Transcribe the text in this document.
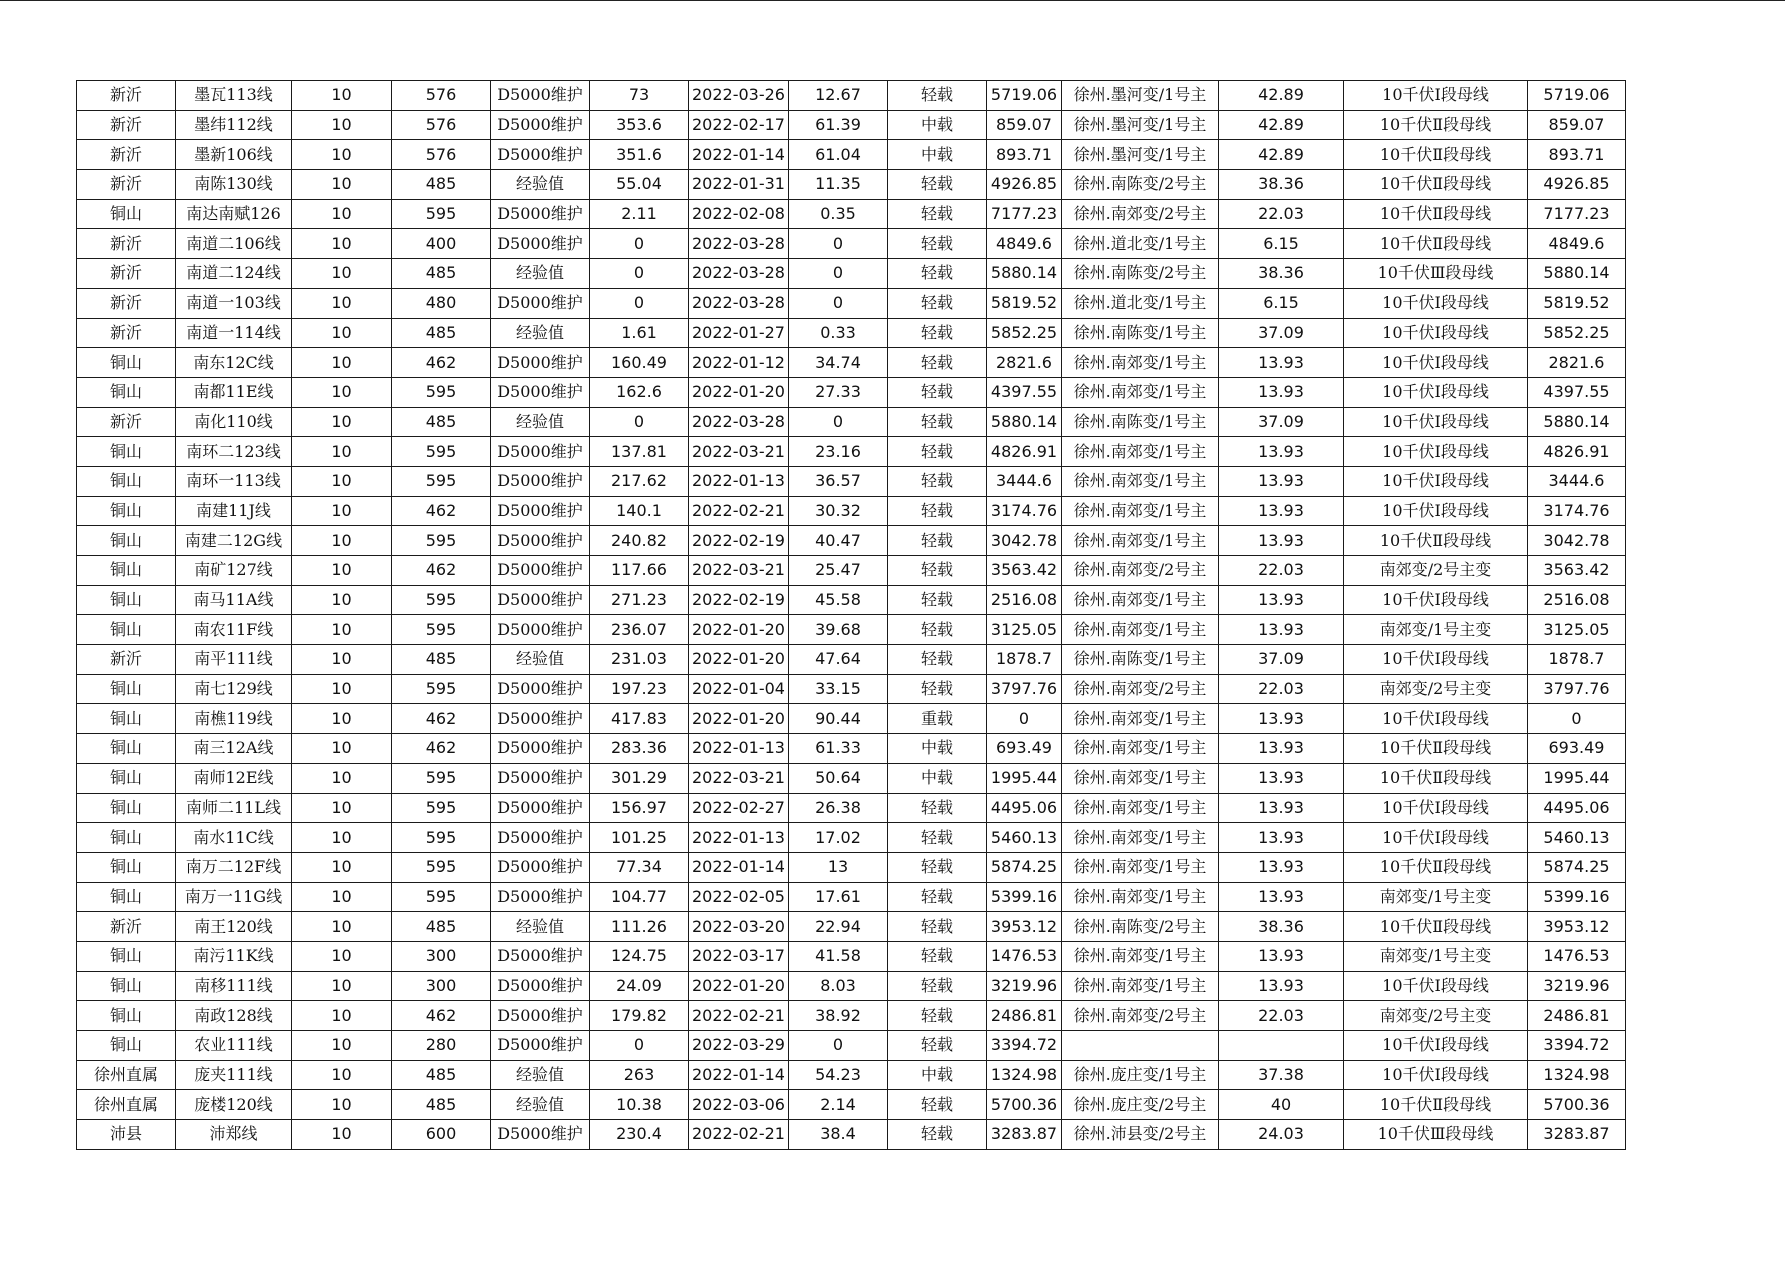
新沂	墨瓦113线	10	576	D5000维护	73	2022-03-26	12.67	轻载	5719.06	徐州.墨河变/1号主	42.89	10千伏Ⅰ段母线	5719.06
新沂	墨纬112线	10	576	D5000维护	353.6	2022-02-17	61.39	中载	859.07	徐州.墨河变/1号主	42.89	10千伏Ⅱ段母线	859.07
新沂	墨新106线	10	576	D5000维护	351.6	2022-01-14	61.04	中载	893.71	徐州.墨河变/1号主	42.89	10千伏Ⅱ段母线	893.71
新沂	南陈130线	10	485	经验值	55.04	2022-01-31	11.35	轻载	4926.85	徐州.南陈变/2号主	38.36	10千伏Ⅱ段母线	4926.85
铜山	南达南赋126	10	595	D5000维护	2.11	2022-02-08	0.35	轻载	7177.23	徐州.南郊变/2号主	22.03	10千伏Ⅱ段母线	7177.23
新沂	南道二106线	10	400	D5000维护	0	2022-03-28	0	轻载	4849.6	徐州.道北变/1号主	6.15	10千伏Ⅱ段母线	4849.6
新沂	南道二124线	10	485	经验值	0	2022-03-28	0	轻载	5880.14	徐州.南陈变/2号主	38.36	10千伏Ⅲ段母线	5880.14
新沂	南道一103线	10	480	D5000维护	0	2022-03-28	0	轻载	5819.52	徐州.道北变/1号主	6.15	10千伏Ⅰ段母线	5819.52
新沂	南道一114线	10	485	经验值	1.61	2022-01-27	0.33	轻载	5852.25	徐州.南陈变/1号主	37.09	10千伏Ⅰ段母线	5852.25
铜山	南东12C线	10	462	D5000维护	160.49	2022-01-12	34.74	轻载	2821.6	徐州.南郊变/1号主	13.93	10千伏Ⅰ段母线	2821.6
铜山	南都11E线	10	595	D5000维护	162.6	2022-01-20	27.33	轻载	4397.55	徐州.南郊变/1号主	13.93	10千伏Ⅰ段母线	4397.55
新沂	南化110线	10	485	经验值	0	2022-03-28	0	轻载	5880.14	徐州.南陈变/1号主	37.09	10千伏Ⅰ段母线	5880.14
铜山	南环二123线	10	595	D5000维护	137.81	2022-03-21	23.16	轻载	4826.91	徐州.南郊变/1号主	13.93	10千伏Ⅰ段母线	4826.91
铜山	南环一113线	10	595	D5000维护	217.62	2022-01-13	36.57	轻载	3444.6	徐州.南郊变/1号主	13.93	10千伏Ⅰ段母线	3444.6
铜山	南建11J线	10	462	D5000维护	140.1	2022-02-21	30.32	轻载	3174.76	徐州.南郊变/1号主	13.93	10千伏Ⅰ段母线	3174.76
铜山	南建二12G线	10	595	D5000维护	240.82	2022-02-19	40.47	轻载	3042.78	徐州.南郊变/1号主	13.93	10千伏Ⅱ段母线	3042.78
铜山	南矿127线	10	462	D5000维护	117.66	2022-03-21	25.47	轻载	3563.42	徐州.南郊变/2号主	22.03	南郊变/2号主变	3563.42
铜山	南马11A线	10	595	D5000维护	271.23	2022-02-19	45.58	轻载	2516.08	徐州.南郊变/1号主	13.93	10千伏Ⅰ段母线	2516.08
铜山	南农11F线	10	595	D5000维护	236.07	2022-01-20	39.68	轻载	3125.05	徐州.南郊变/1号主	13.93	南郊变/1号主变	3125.05
新沂	南平111线	10	485	经验值	231.03	2022-01-20	47.64	轻载	1878.7	徐州.南陈变/1号主	37.09	10千伏Ⅰ段母线	1878.7
铜山	南七129线	10	595	D5000维护	197.23	2022-01-04	33.15	轻载	3797.76	徐州.南郊变/2号主	22.03	南郊变/2号主变	3797.76
铜山	南樵119线	10	462	D5000维护	417.83	2022-01-20	90.44	重载	0	徐州.南郊变/1号主	13.93	10千伏Ⅰ段母线	0
铜山	南三12A线	10	462	D5000维护	283.36	2022-01-13	61.33	中载	693.49	徐州.南郊变/1号主	13.93	10千伏Ⅱ段母线	693.49
铜山	南师12E线	10	595	D5000维护	301.29	2022-03-21	50.64	中载	1995.44	徐州.南郊变/1号主	13.93	10千伏Ⅱ段母线	1995.44
铜山	南师二11L线	10	595	D5000维护	156.97	2022-02-27	26.38	轻载	4495.06	徐州.南郊变/1号主	13.93	10千伏Ⅰ段母线	4495.06
铜山	南水11C线	10	595	D5000维护	101.25	2022-01-13	17.02	轻载	5460.13	徐州.南郊变/1号主	13.93	10千伏Ⅰ段母线	5460.13
铜山	南万二12F线	10	595	D5000维护	77.34	2022-01-14	13	轻载	5874.25	徐州.南郊变/1号主	13.93	10千伏Ⅱ段母线	5874.25
铜山	南万一11G线	10	595	D5000维护	104.77	2022-02-05	17.61	轻载	5399.16	徐州.南郊变/1号主	13.93	南郊变/1号主变	5399.16
新沂	南王120线	10	485	经验值	111.26	2022-03-20	22.94	轻载	3953.12	徐州.南陈变/2号主	38.36	10千伏Ⅱ段母线	3953.12
铜山	南污11K线	10	300	D5000维护	124.75	2022-03-17	41.58	轻载	1476.53	徐州.南郊变/1号主	13.93	南郊变/1号主变	1476.53
铜山	南移111线	10	300	D5000维护	24.09	2022-01-20	8.03	轻载	3219.96	徐州.南郊变/1号主	13.93	10千伏Ⅰ段母线	3219.96
铜山	南政128线	10	462	D5000维护	179.82	2022-02-21	38.92	轻载	2486.81	徐州.南郊变/2号主	22.03	南郊变/2号主变	2486.81
铜山	农业111线	10	280	D5000维护	0	2022-03-29	0	轻载	3394.72			10千伏Ⅰ段母线	3394.72
徐州直属	庞夹111线	10	485	经验值	263	2022-01-14	54.23	中载	1324.98	徐州.庞庄变/1号主	37.38	10千伏Ⅰ段母线	1324.98
徐州直属	庞楼120线	10	485	经验值	10.38	2022-03-06	2.14	轻载	5700.36	徐州.庞庄变/2号主	40	10千伏Ⅱ段母线	5700.36
沛县	沛郑线	10	600	D5000维护	230.4	2022-02-21	38.4	轻载	3283.87	徐州.沛县变/2号主	24.03	10千伏Ⅲ段母线	3283.87
